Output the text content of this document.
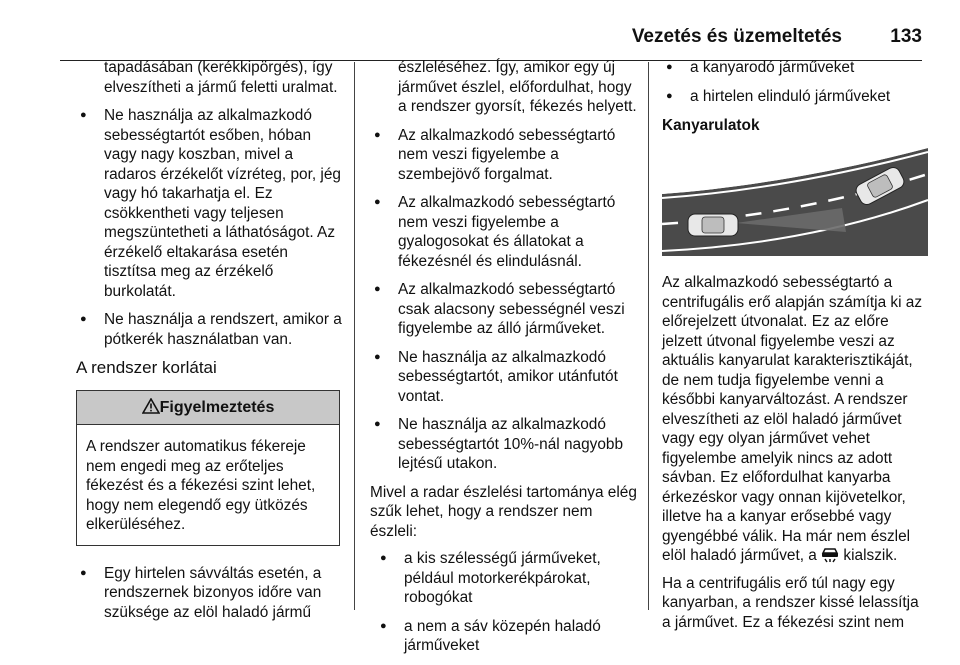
Vezetés és üzemeltetés	133
tapadásában (kerékkipörgés), így elveszítheti a jármű feletti uralmat.
● Ne használja az alkalmazkodó sebességtartót esőben, hóban vagy nagy koszban, mivel a radaros érzékelőt vízréteg, por, jég vagy hó takarhatja el. Ez csökkentheti vagy teljesen megszüntetheti a láthatóságot. Az érzékelő eltakarása esetén tisztítsa meg az érzékelő burkolatát.
● Ne használja a rendszert, amikor a pótkerék használatban van.
A rendszer korlátai
Figyelmeztetés
A rendszer automatikus fékereje nem engedi meg az erőteljes fékezést és a fékezési szint lehet, hogy nem elegendő egy ütközés elkerüléséhez.
● Egy hirtelen sávváltás esetén, a rendszernek bizonyos időre van szüksége az elöl haladó jármű
észleléséhez. Így, amikor egy új járművet észlel, előfordulhat, hogy a rendszer gyorsít, fékezés helyett.
● Az alkalmazkodó sebességtartó nem veszi figyelembe a szembejövő forgalmat.
● Az alkalmazkodó sebességtartó nem veszi figyelembe a gyalogosokat és állatokat a fékezésnél és elindulásnál.
● Az alkalmazkodó sebességtartó csak alacsony sebességnél veszi figyelembe az álló járműveket.
● Ne használja az alkalmazkodó sebességtartót, amikor utánfutót vontat.
● Ne használja az alkalmazkodó sebességtartót 10%-nál nagyobb lejtésű utakon.

Mivel a radar észlelési tartománya elég szűk lehet, hogy a rendszer nem észleli:

● a kis szélességű járműveket, például motorkerékpárokat, robogókat
● a nem a sáv közepén haladó járműveket
● a kanyarodó járműveket
● a hirtelen elinduló járműveket
Kanyarulatok

Az alkalmazkodó sebességtartó a centrifugális erő alapján számítja ki az előrejelzett útvonalat. Ez az előre jelzett útvonal figyelembe veszi az aktuális kanyarulat karakterisztikáját, de nem tudja figyelembe venni a későbbi kanyarváltozást. A rendszer elveszítheti az elöl haladó járművet vagy egy olyan járművet vehet figyelembe amelyik nincs az adott sávban. Ez előfordulhat kanyarba érkezéskor vagy onnan kijövetelkor, illetve ha a kanyar erősebbé vagy gyengébbé válik. Ha már nem észlel elöl haladó járművet, a kialszik.

Ha a centrifugális erő túl nagy egy kanyarban, a rendszer kissé lelassítja a járművet. Ez a fékezési szint nem
